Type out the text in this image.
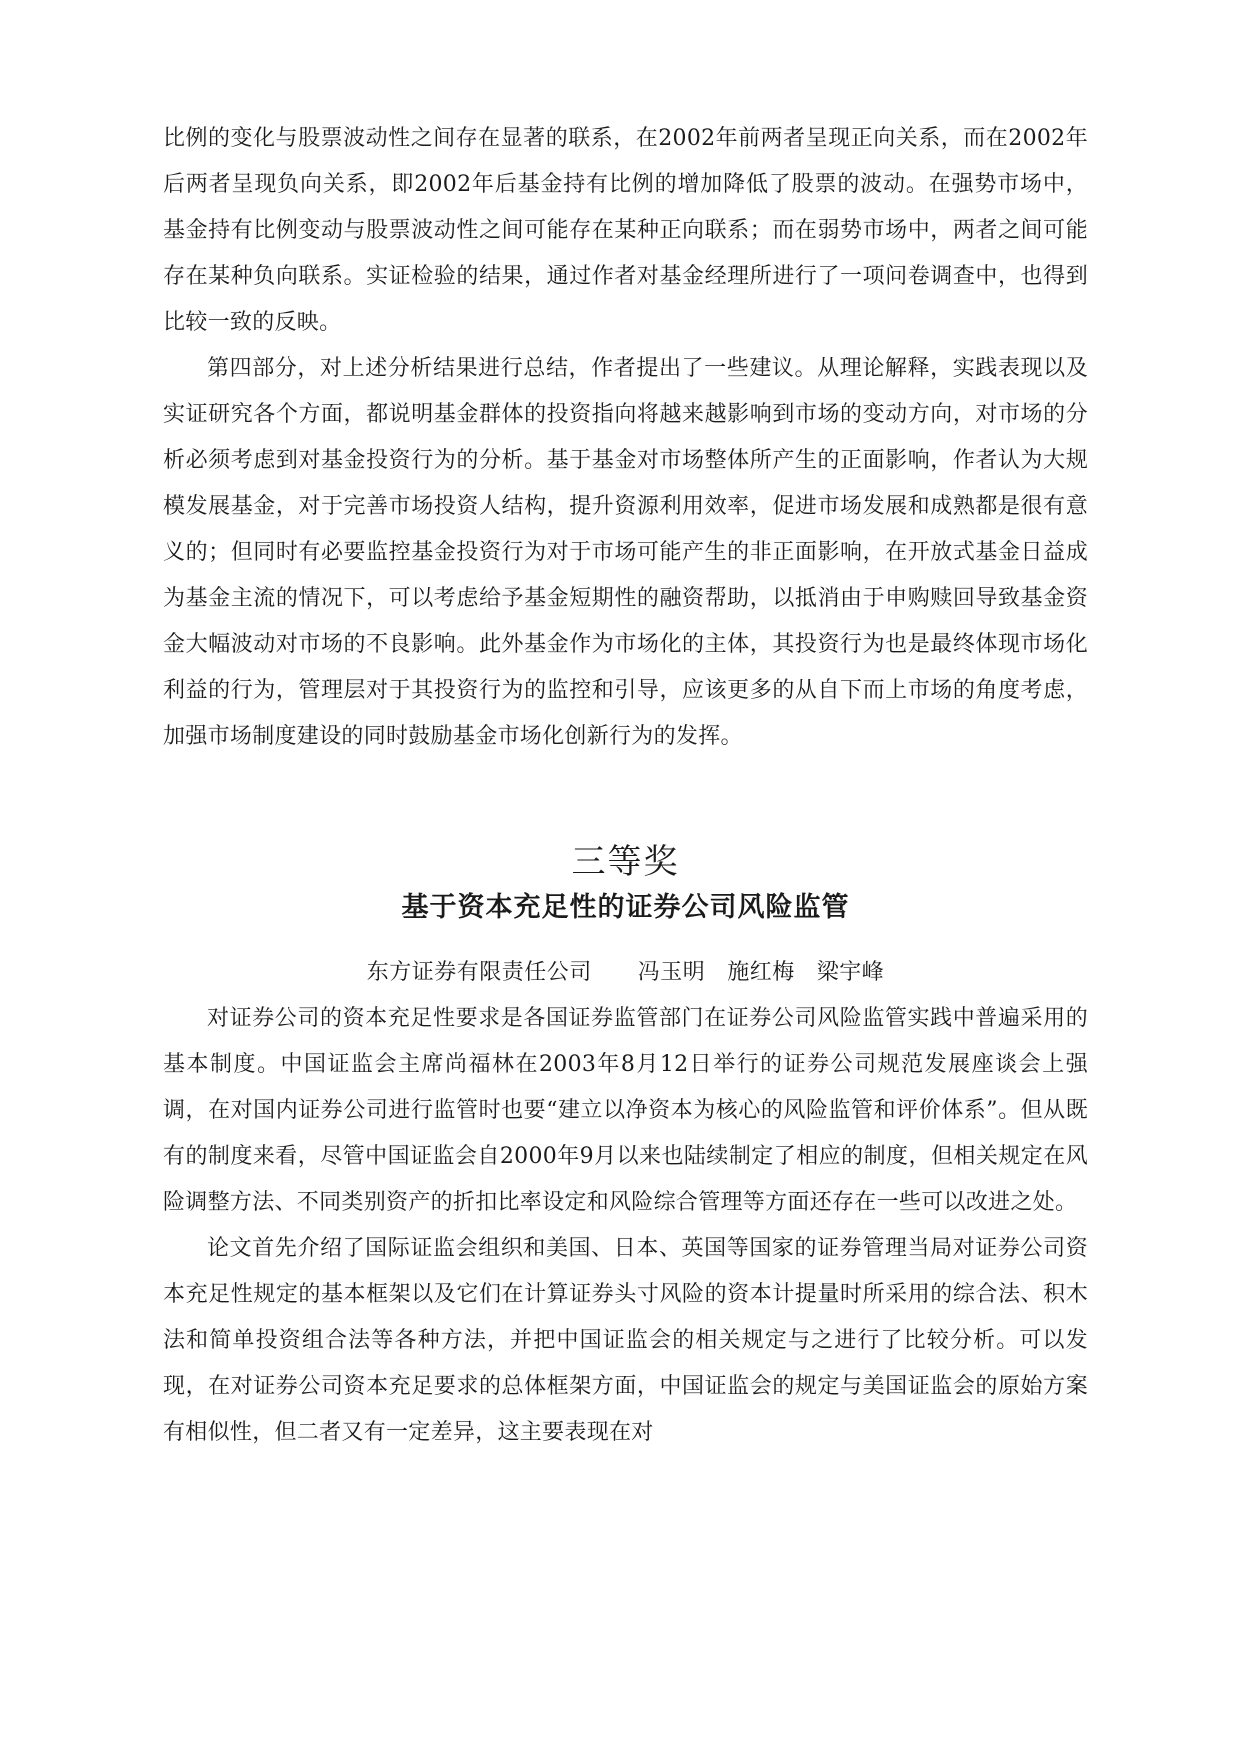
比例的变化与股票波动性之间存在显著的联系，在2002年前两者呈现正向关系，而在2002年后两者呈现负向关系，即2002年后基金持有比例的增加降低了股票的波动。在强势市场中，基金持有比例变动与股票波动性之间可能存在某种正向联系；而在弱势市场中，两者之间可能存在某种负向联系。实证检验的结果，通过作者对基金经理所进行了一项问卷调查中，也得到比较一致的反映。

第四部分，对上述分析结果进行总结，作者提出了一些建议。从理论解释，实践表现以及实证研究各个方面，都说明基金群体的投资指向将越来越影响到市场的变动方向，对市场的分析必须考虑到对基金投资行为的分析。基于基金对市场整体所产生的正面影响，作者认为大规模发展基金，对于完善市场投资人结构，提升资源利用效率，促进市场发展和成熟都是很有意义的；但同时有必要监控基金投资行为对于市场可能产生的非正面影响，在开放式基金日益成为基金主流的情况下，可以考虑给予基金短期性的融资帮助，以抵消由于申购赎回导致基金资金大幅波动对市场的不良影响。此外基金作为市场化的主体，其投资行为也是最终体现市场化利益的行为，管理层对于其投资行为的监控和引导，应该更多的从自下而上市场的角度考虑，加强市场制度建设的同时鼓励基金市场化创新行为的发挥。

三等奖
基于资本充足性的证券公司风险监管
东方证券有限责任公司 冯玉明 施红梅 梁宇峰

对证券公司的资本充足性要求是各国证券监管部门在证券公司风险监管实践中普遍采用的基本制度。中国证监会主席尚福林在2003年8月12日举行的证券公司规范发展座谈会上强调，在对国内证券公司进行监管时也要“建立以净资本为核心的风险监管和评价体系”。但从既有的制度来看，尽管中国证监会自2000年9月以来也陆续制定了相应的制度，但相关规定在风险调整方法、不同类别资产的折扣比率设定和风险综合管理等方面还存在一些可以改进之处。

论文首先介绍了国际证监会组织和美国、日本、英国等国家的证券管理当局对证券公司资本充足性规定的基本框架以及它们在计算证券头寸风险的资本计提量时所采用的综合法、积木法和简单投资组合法等各种方法，并把中国证监会的相关规定与之进行了比较分析。可以发现，在对证券公司资本充足要求的总体框架方面，中国证监会的规定与美国证监会的原始方案有相似性，但二者又有一定差异，这主要表现在对
